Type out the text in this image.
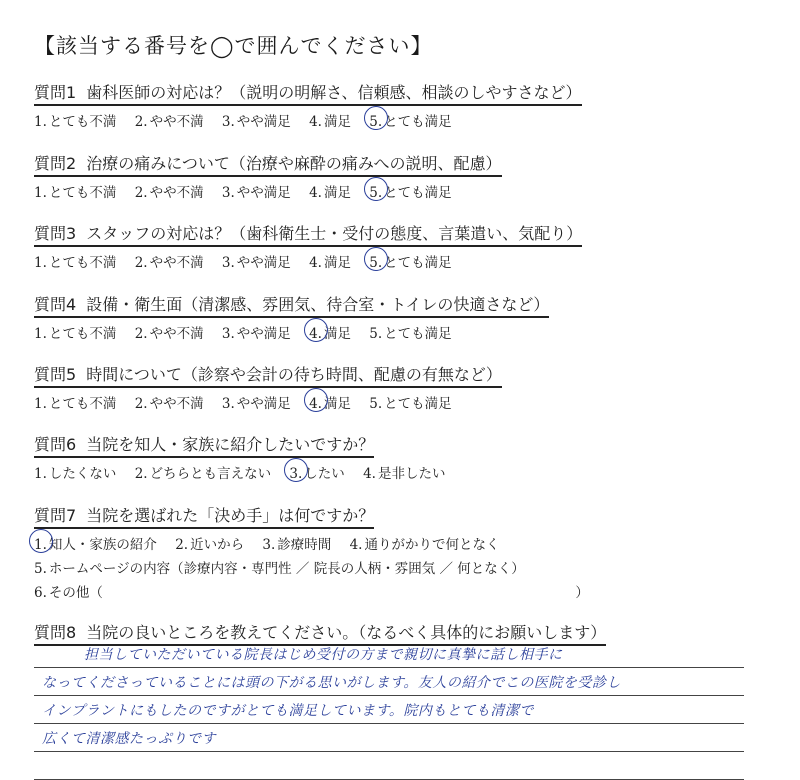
【該当する番号を◯で囲んでください】
質問1 歯科医師の対応は？（説明の明解さ、信頼感、相談のしやすさなど）
1. とても不満 2. やや不満 3. やや満足 4. 満足 5. とても満足
質問2 治療の痛みについて（治療や麻酔の痛みへの説明、配慮）
1. とても不満 2. やや不満 3. やや満足 4. 満足 5. とても満足
質問3 スタッフの対応は？（歯科衛生士・受付の態度、言葉遣い、気配り）
1. とても不満 2. やや不満 3. やや満足 4. 満足 5. とても満足
質問4 設備・衛生面（清潔感、雰囲気、待合室・トイレの快適さなど）
1. とても不満 2. やや不満 3. やや満足 4. 満足 5. とても満足
質問5 時間について（診察や会計の待ち時間、配慮の有無など）
1. とても不満 2. やや不満 3. やや満足 4. 満足 5. とても満足
質問6 当院を知人・家族に紹介したいですか？
1. したくない 2. どちらとも言えない 3. したい 4. 是非したい
質問7 当院を選ばれた「決め手」は何ですか？
1. 知人・家族の紹介 2. 近いから 3. 診療時間 4. 通りがかりで何となく
5. ホームページの内容（診療内容・専門性 ／ 院長の人柄・雰囲気 ／ 何となく）
6. その他（	）
質問8 当院の良いところを教えてください。（なるべく具体的にお願いします）
担当していただいている院長はじめ受付の方まで親切に真摯に話し相手に
なってくださっていることには頭の下がる思いがします。友人の紹介でこの医院を受診し
インプラントにもしたのですがとても満足しています。院内もとても清潔で
広くて清潔感たっぷりです
